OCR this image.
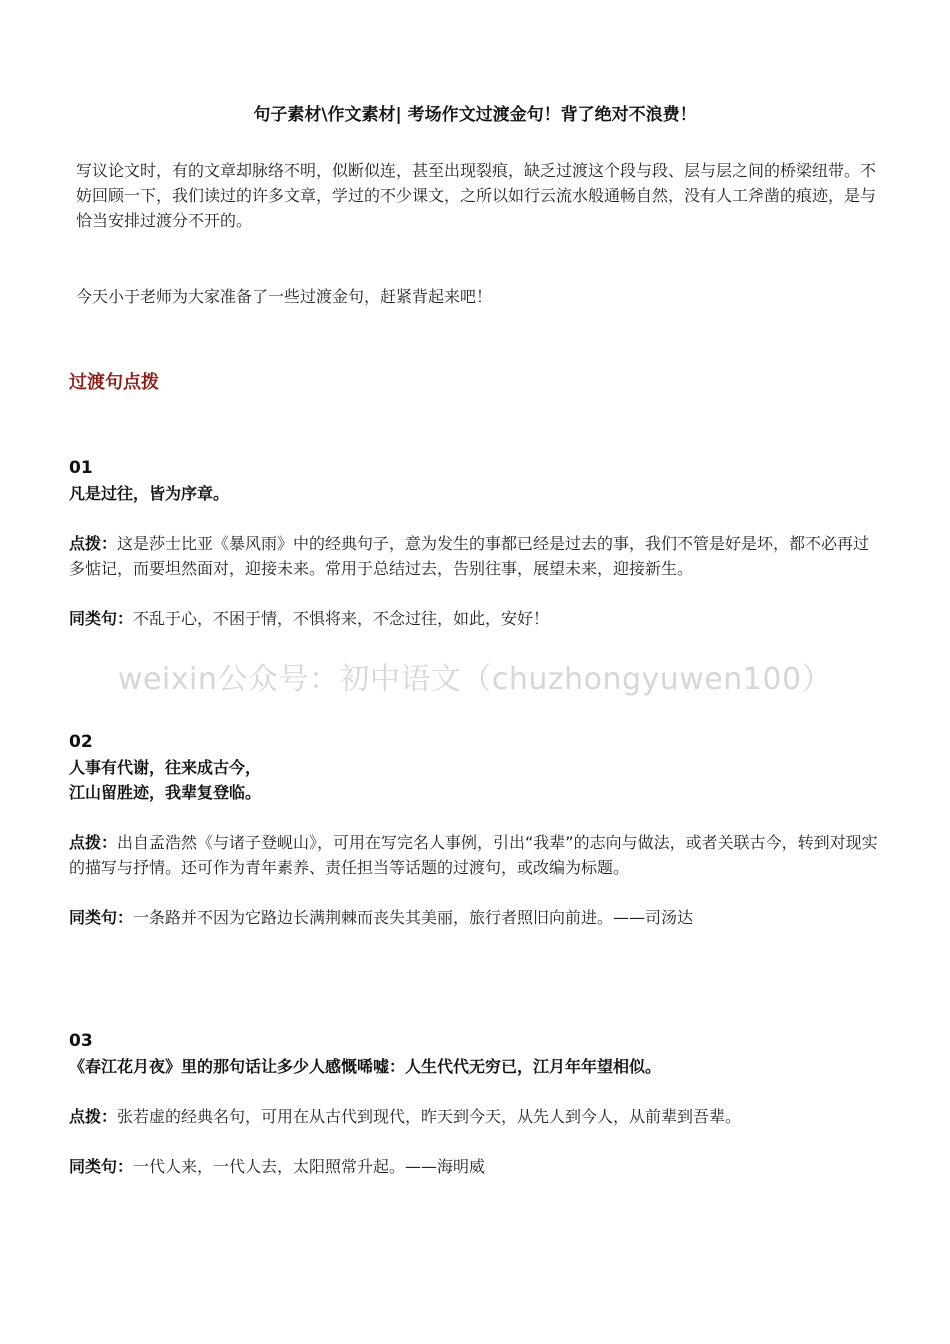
句子素材\作文素材| 考场作文过渡金句！背了绝对不浪费！

写议论文时，有的文章却脉络不明，似断似连，甚至出现裂痕，缺乏过渡这个段与段、层与层之间的桥梁纽带。不妨回顾一下，我们读过的许多文章，学过的不少课文，之所以如行云流水般通畅自然，没有人工斧凿的痕迹，是与恰当安排过渡分不开的。

今天小于老师为大家准备了一些过渡金句，赶紧背起来吧！

过渡句点拨
01
凡是过往，皆为序章。
点拨：这是莎士比亚《暴风雨》中的经典句子，意为发生的事都已经是过去的事，我们不管是好是坏，都不必再过多惦记，而要坦然面对，迎接未来。常用于总结过去，告别往事，展望未来，迎接新生。
同类句：不乱于心，不困于情，不惧将来，不念过往，如此，安好！
weixin公众号：初中语文（chuzhongyuwen100）
02
人事有代谢，往来成古今，
江山留胜迹，我辈复登临。
点拨：出自孟浩然《与诸子登岘山》，可用在写完名人事例，引出“我辈”的志向与做法，或者关联古今，转到对现实的描写与抒情。还可作为青年素养、责任担当等话题的过渡句，或改编为标题。
同类句：一条路并不因为它路边长满荆棘而丧失其美丽，旅行者照旧向前进。——司汤达
03
《春江花月夜》里的那句话让多少人感慨唏嘘：人生代代无穷已，江月年年望相似。
点拨：张若虚的经典名句，可用在从古代到现代，昨天到今天，从先人到今人，从前辈到吾辈。
同类句：一代人来，一代人去，太阳照常升起。——海明威
